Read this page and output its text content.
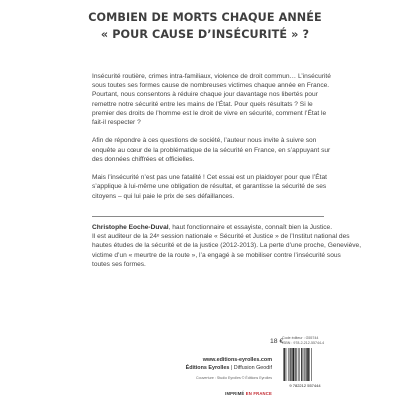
COMBIEN DE MORTS CHAQUE ANNÉE
« POUR CAUSE D’INSÉCURITÉ » ?
Insécurité routière, crimes intra-familiaux, violence de droit commun… L’insécurité
sous toutes ses formes cause de nombreuses victimes chaque année en France.
Pourtant, nous consentons à réduire chaque jour davantage nos libertés pour
remettre notre sécurité entre les mains de l’État. Pour quels résultats ? Si le
premier des droits de l’homme est le droit de vivre en sécurité, comment l’État le
fait-il respecter ?
Afin de répondre à ces questions de société, l’auteur nous invite à suivre son
enquête au cœur de la problématique de la sécurité en France, en s’appuyant sur
des données chiffrées et officielles.
Mais l’insécurité n’est pas une fatalité ! Cet essai est un plaidoyer pour que l’État
s’applique à lui-même une obligation de résultat, et garantisse la sécurité de ses
citoyens – qui lui paie le prix de ses défaillances.
Christophe Eoche-Duval, haut fonctionnaire et essayiste, connaît bien la Justice.
Il est auditeur de la 24ᵉ session nationale « Sécurité et Justice » de l’Institut national des
hautes études de la sécurité et de la justice (2012-2013). La perte d’une proche, Geneviève,
victime d’un « meurtre de la route », l’a engagé à se mobiliser contre l’insécurité sous
toutes ses formes.
18 €
www.editions-eyrolles.com
Éditions Eyrolles | Diffusion Geodif
Couverture : Studio Eyrolles © Éditions Eyrolles
IMPRIMÉ EN FRANCE
Code éditeur : G55744
ISBN : 978-2-212-55744-4
9 782212 557444
